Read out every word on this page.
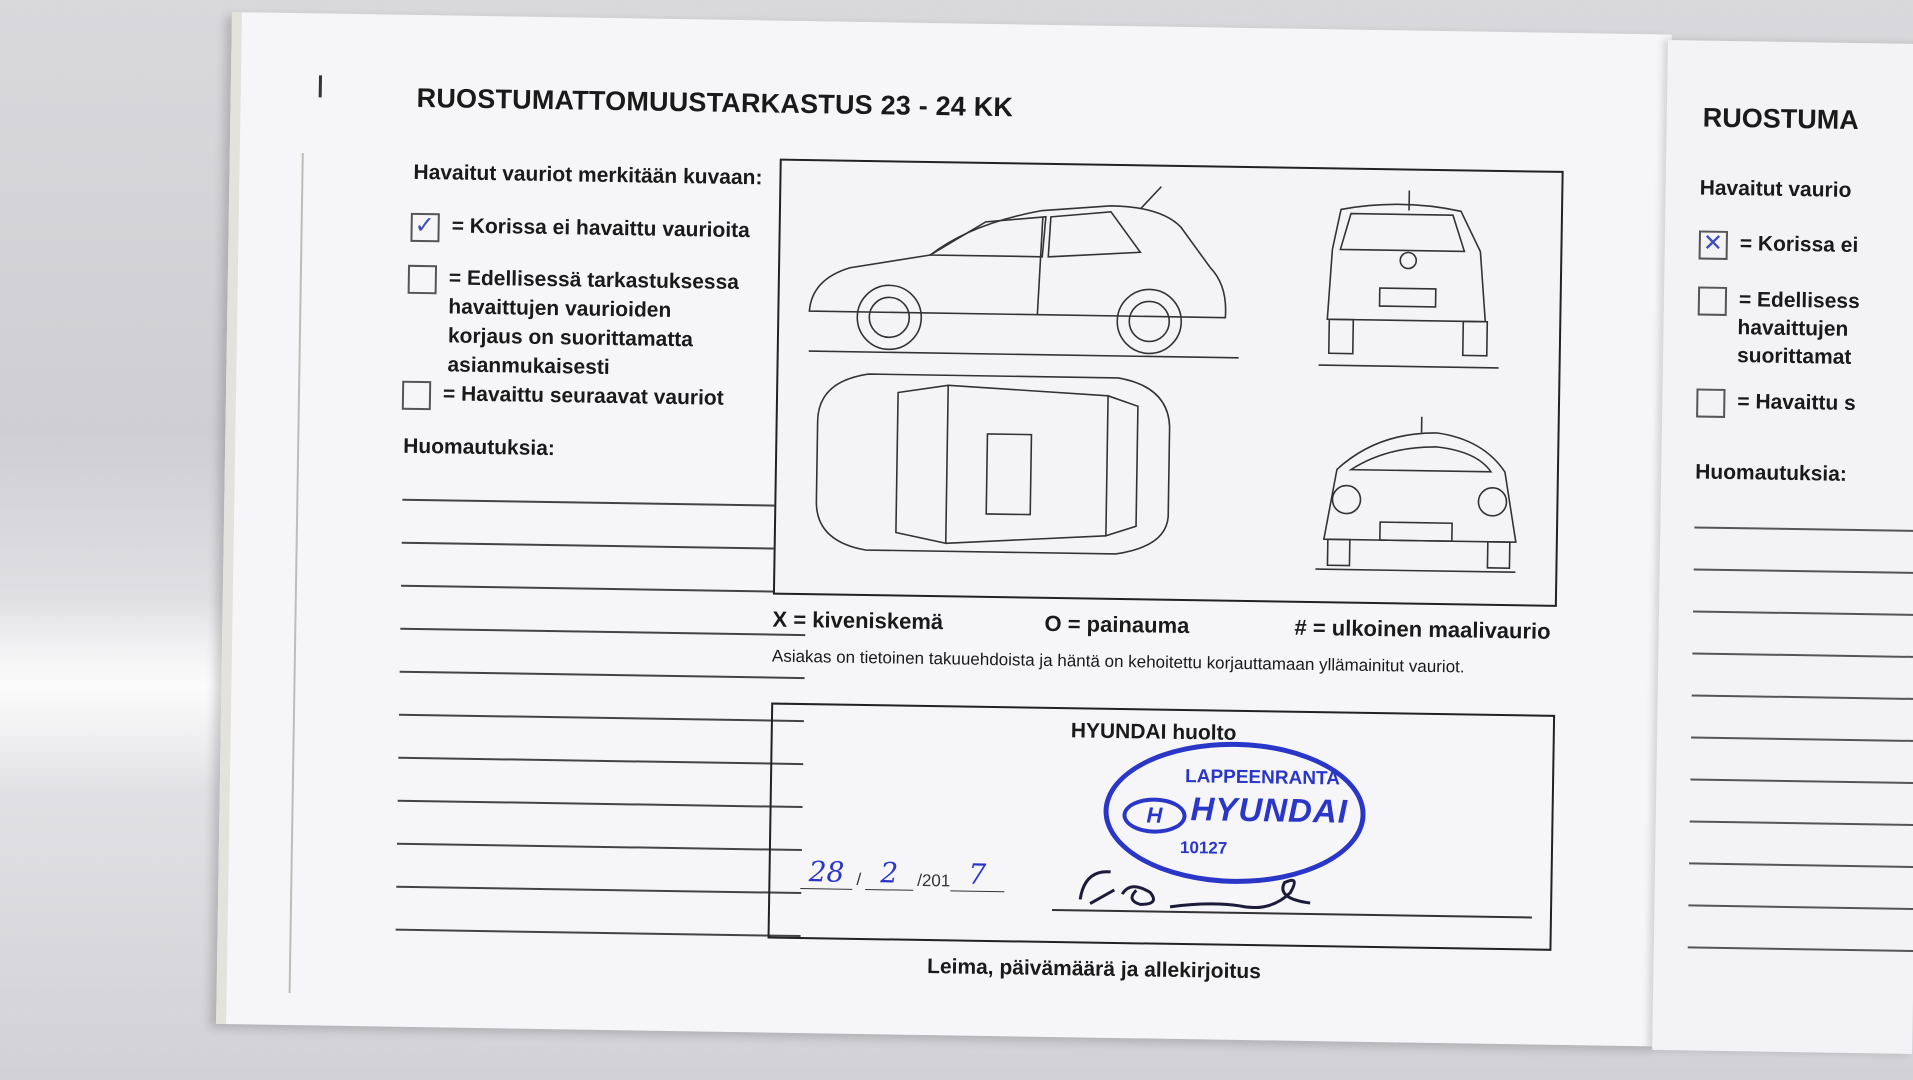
RUOSTUMATTOMUUSTARKASTUS 23 - 24 KK
Havaitut vauriot merkitään kuvaan:
✓ = Korissa ei havaittu vaurioita
= Edellisessä tarkastuksessa havaittujen vaurioiden korjaus on suorittamatta asianmukaisesti
= Havaittu seuraavat vauriot
Huomautuksia:
X = kiveniskemä	O = painauma	# = ulkoinen maalivaurio
Asiakas on tietoinen takuuehdoista ja häntä on kehoitettu korjauttamaan yllämainitut vauriot.
HYUNDAI huolto
LAPPEENRANTA
H HYUNDAI
10127
28 / 2	/201 7
Leima, päivämäärä ja allekirjoitus
RUOSTUMA
Havaitut vaurio
✕ = Korissa ei
= Edellisess
havaittujen
suorittamat
= Havaittu s
Huomautuksia:
